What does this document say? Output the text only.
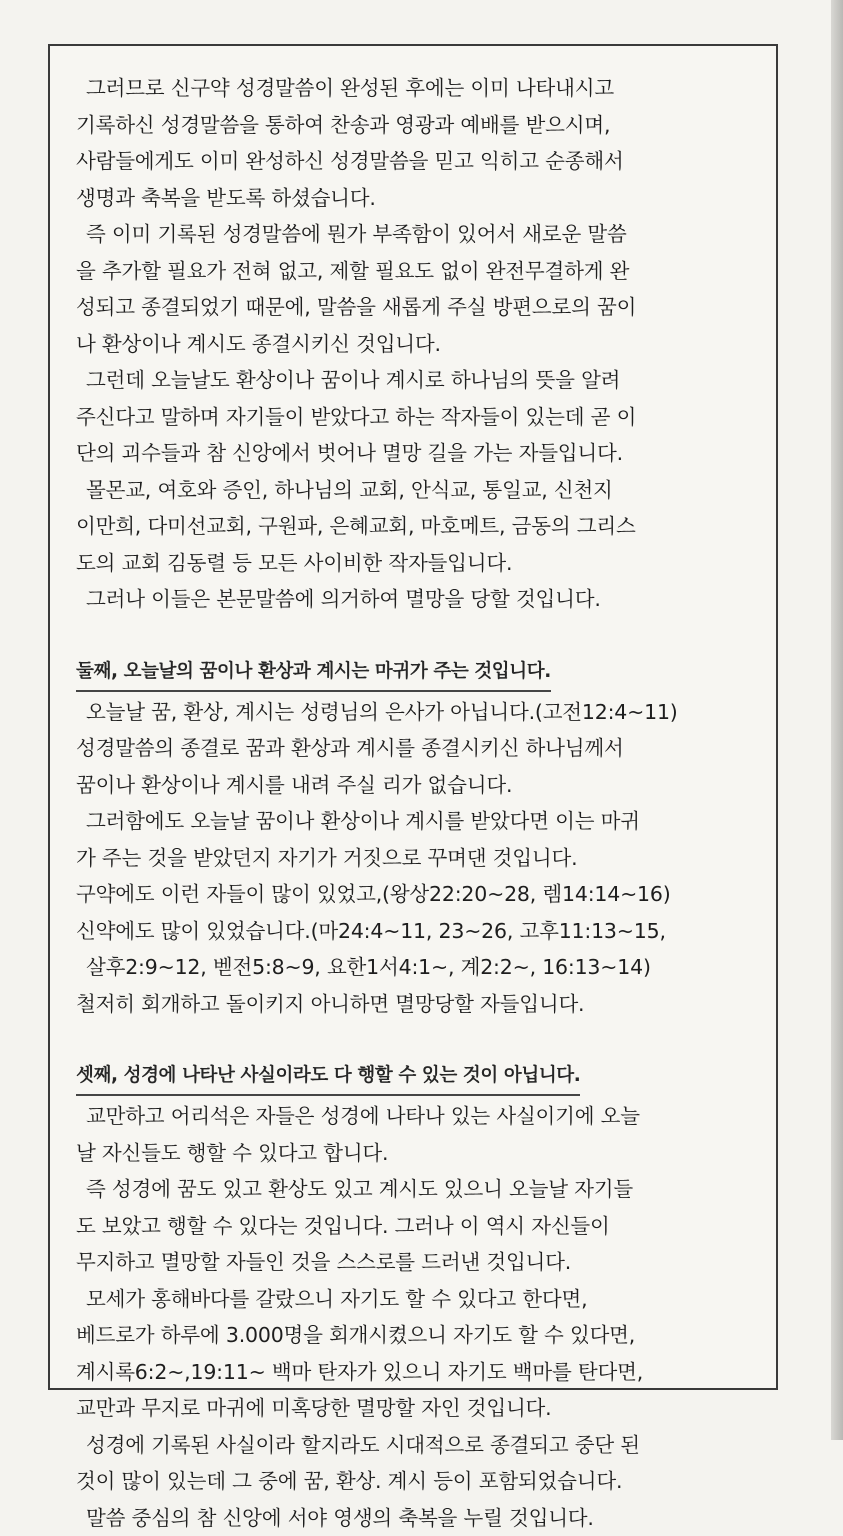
그러므로 신구약 성경말씀이 완성된 후에는 이미 나타내시고
기록하신 성경말씀을 통하여 찬송과 영광과 예배를 받으시며,
사람들에게도 이미 완성하신 성경말씀을 믿고 익히고 순종해서
생명과 축복을 받도록 하셨습니다.
즉 이미 기록된 성경말씀에 뭔가 부족함이 있어서 새로운 말씀
을 추가할 필요가 전혀 없고, 제할 필요도 없이 완전무결하게 완
성되고 종결되었기 때문에, 말씀을 새롭게 주실 방편으로의 꿈이
나 환상이나 계시도 종결시키신 것입니다.
그런데 오늘날도 환상이나 꿈이나 계시로 하나님의 뜻을 알려
주신다고 말하며 자기들이 받았다고 하는 작자들이 있는데 곧 이
단의 괴수들과 참 신앙에서 벗어나 멸망 길을 가는 자들입니다.
몰몬교, 여호와 증인, 하나님의 교회, 안식교, 통일교, 신천지
이만희, 다미선교회, 구원파, 은혜교회, 마호메트, 금동의 그리스
도의 교회 김동렬 등 모든 사이비한 작자들입니다.
그러나 이들은 본문말씀에 의거하여 멸망을 당할 것입니다.
둘째, 오늘날의 꿈이나 환상과 계시는 마귀가 주는 것입니다.
오늘날 꿈, 환상, 계시는 성령님의 은사가 아닙니다.(고전12:4~11)
성경말씀의 종결로 꿈과 환상과 계시를 종결시키신 하나님께서
꿈이나 환상이나 계시를 내려 주실 리가 없습니다.
그러함에도 오늘날 꿈이나 환상이나 계시를 받았다면 이는 마귀
가 주는 것을 받았던지 자기가 거짓으로 꾸며댄 것입니다.
구약에도 이런 자들이 많이 있었고,(왕상22:20~28, 렘14:14~16)
신약에도 많이 있었습니다.(마24:4~11, 23~26, 고후11:13~15,
살후2:9~12, 벧전5:8~9, 요한1서4:1~, 계2:2~, 16:13~14)
철저히 회개하고 돌이키지 아니하면 멸망당할 자들입니다.
셋째, 성경에 나타난 사실이라도 다 행할 수 있는 것이 아닙니다.
교만하고 어리석은 자들은 성경에 나타나 있는 사실이기에 오늘
날 자신들도 행할 수 있다고 합니다.
즉 성경에 꿈도 있고 환상도 있고 계시도 있으니 오늘날 자기들
도 보았고 행할 수 있다는 것입니다. 그러나 이 역시 자신들이
무지하고 멸망할 자들인 것을 스스로를 드러낸 것입니다.
모세가 홍해바다를 갈랐으니 자기도 할 수 있다고 한다면,
베드로가 하루에 3.000명을 회개시켰으니 자기도 할 수 있다면,
계시록6:2~,19:11~ 백마 탄자가 있으니 자기도 백마를 탄다면,
교만과 무지로 마귀에 미혹당한 멸망할 자인 것입니다.
성경에 기록된 사실이라 할지라도 시대적으로 종결되고 중단 된
것이 많이 있는데 그 중에 꿈, 환상. 계시 등이 포함되었습니다.
말씀 중심의 참 신앙에 서야 영생의 축복을 누릴 것입니다.
